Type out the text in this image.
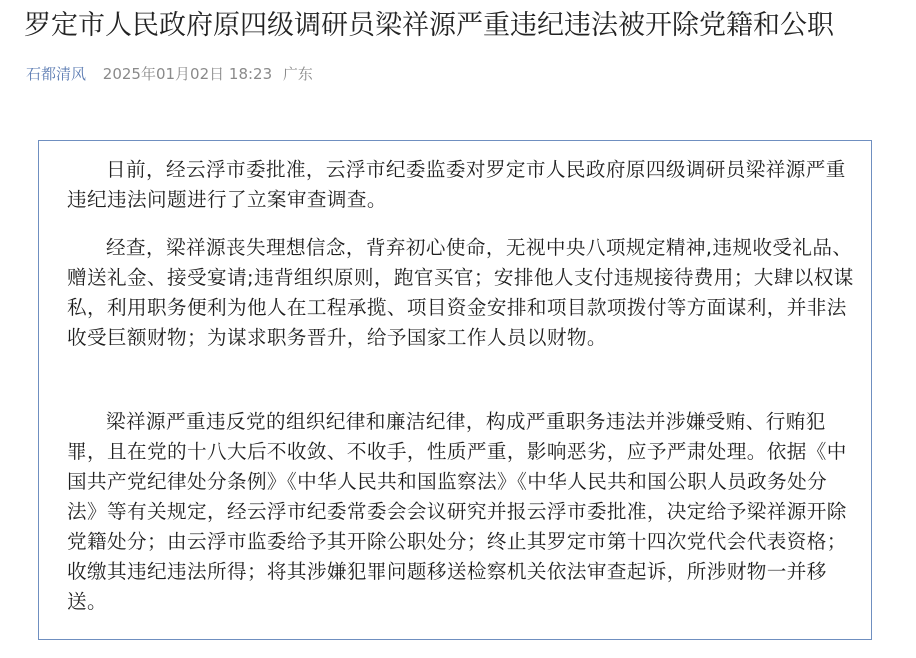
罗定市人民政府原四级调研员梁祥源严重违纪违法被开除党籍和公职
石都清风 2025年01月02日 18:23 广东

日前，经云浮市委批准，云浮市纪委监委对罗定市人民政府原四级调研员梁祥源严重违纪违法问题进行了立案审查调查。

经查，梁祥源丧失理想信念，背弃初心使命，无视中央八项规定精神,违规收受礼品、赠送礼金、接受宴请;违背组织原则，跑官买官；安排他人支付违规接待费用；大肆以权谋私，利用职务便利为他人在工程承揽、项目资金安排和项目款项拨付等方面谋利，并非法收受巨额财物；为谋求职务晋升，给予国家工作人员以财物。

梁祥源严重违反党的组织纪律和廉洁纪律，构成严重职务违法并涉嫌受贿、行贿犯罪，且在党的十八大后不收敛、不收手，性质严重，影响恶劣，应予严肃处理。依据《中国共产党纪律处分条例》《中华人民共和国监察法》《中华人民共和国公职人员政务处分法》等有关规定，经云浮市纪委常委会会议研究并报云浮市委批准，决定给予梁祥源开除党籍处分；由云浮市监委给予其开除公职处分；终止其罗定市第十四次党代会代表资格；收缴其违纪违法所得；将其涉嫌犯罪问题移送检察机关依法审查起诉，所涉财物一并移送。
